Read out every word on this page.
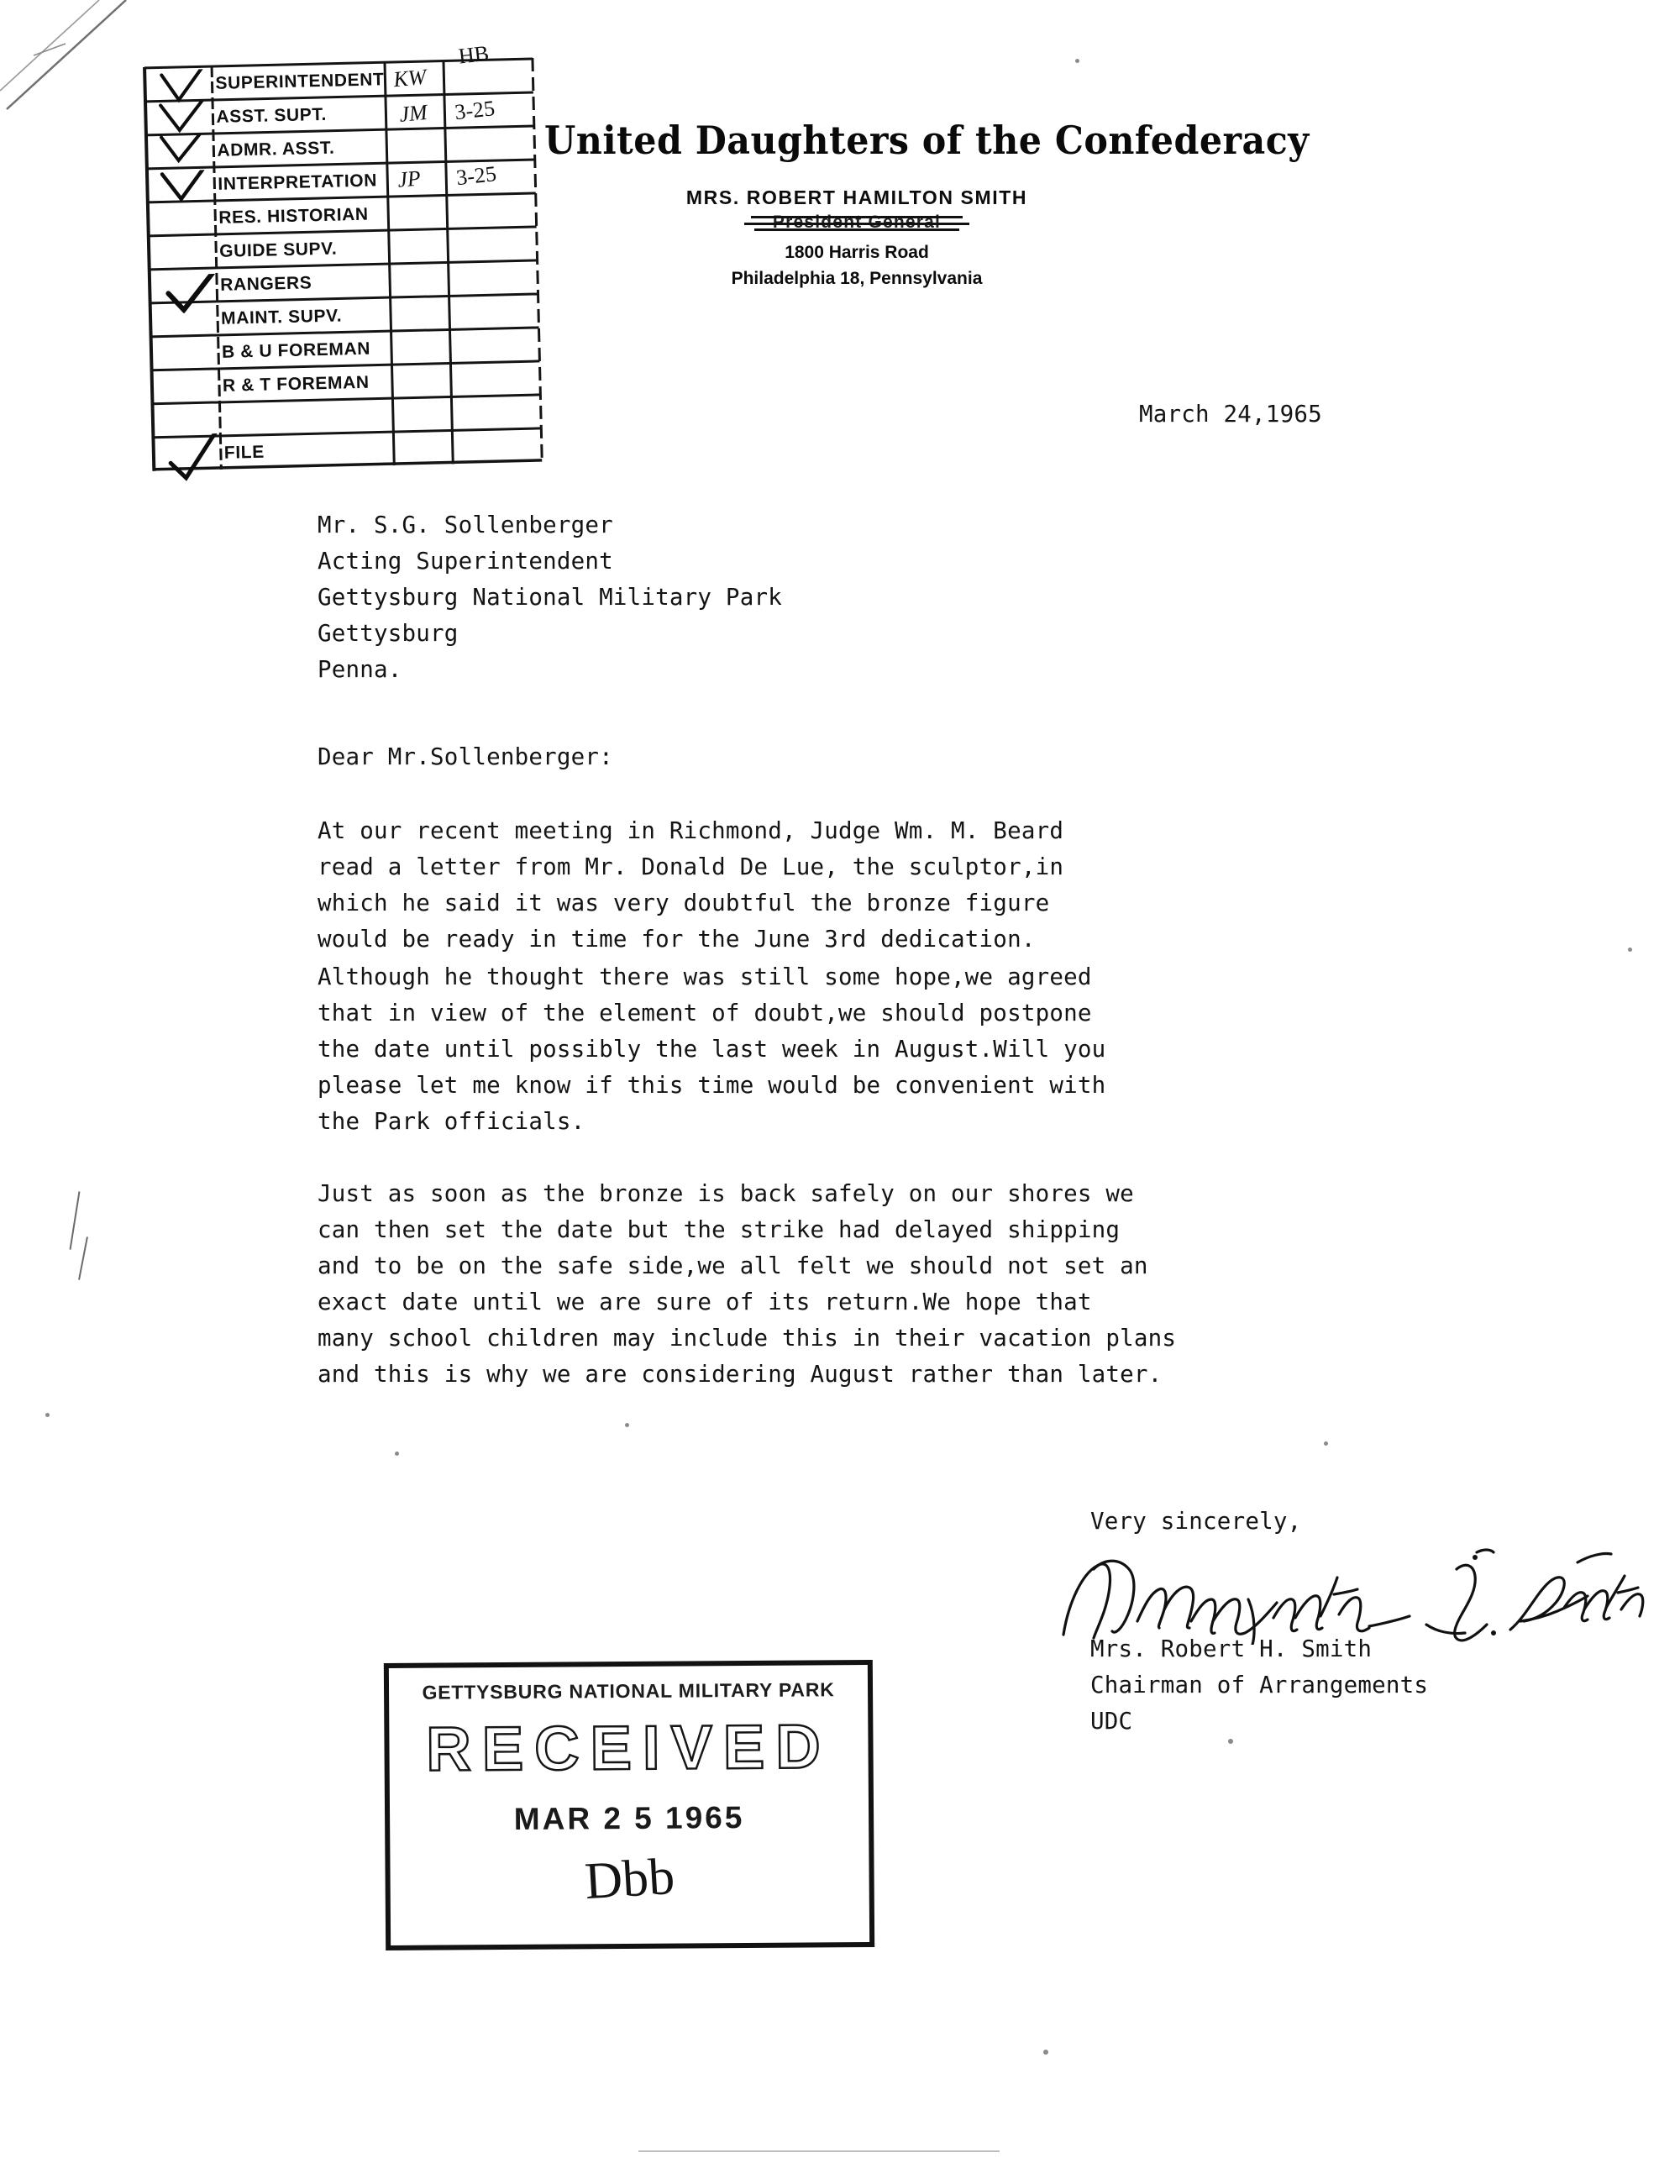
SUPERINTENDENT
ASST. SUPT.
ADMR. ASST.
INTERPRETATION
RES. HISTORIAN
GUIDE SUPV.
RANGERS
MAINT. SUPV.
B & U FOREMAN
R & T FOREMAN
FILE
KW
JM
JP
HB
3-25
3-25
United Daughters of the Confederacy
MRS. ROBERT HAMILTON SMITH
1800 Harris Road
Philadelphia 18, Pennsylvania
March 24,1965
Mr. S.G. Sollenberger
Acting Superintendent
Gettysburg National Military Park
Gettysburg
Penna.
Dear Mr.Sollenberger:
At our recent meeting in Richmond, Judge Wm. M. Beard
read a letter from Mr. Donald De Lue, the sculptor,in
which he said it was very doubtful the bronze figure
would be ready in time for the June 3rd dedication.
Although he thought there was still some hope,we agreed
that in view of the element of doubt,we should postpone
the date until possibly the last week in August.Will you
please let me know if this time would be convenient with
the Park officials.
Just as soon as the bronze is back safely on our shores we
can then set the date but the strike had delayed shipping
and to be on the safe side,we all felt we should not set an
exact date until we are sure of its return.We hope that
many school children may include this in their vacation plans
and this is why we are considering August rather than later.
Very sincerely,
Mrs. Robert H. Smith
Chairman of Arrangements
UDC
GETTYSBURG NATIONAL MILITARY PARK
RECEIVED
MAR 2 5 1965
Dbb
